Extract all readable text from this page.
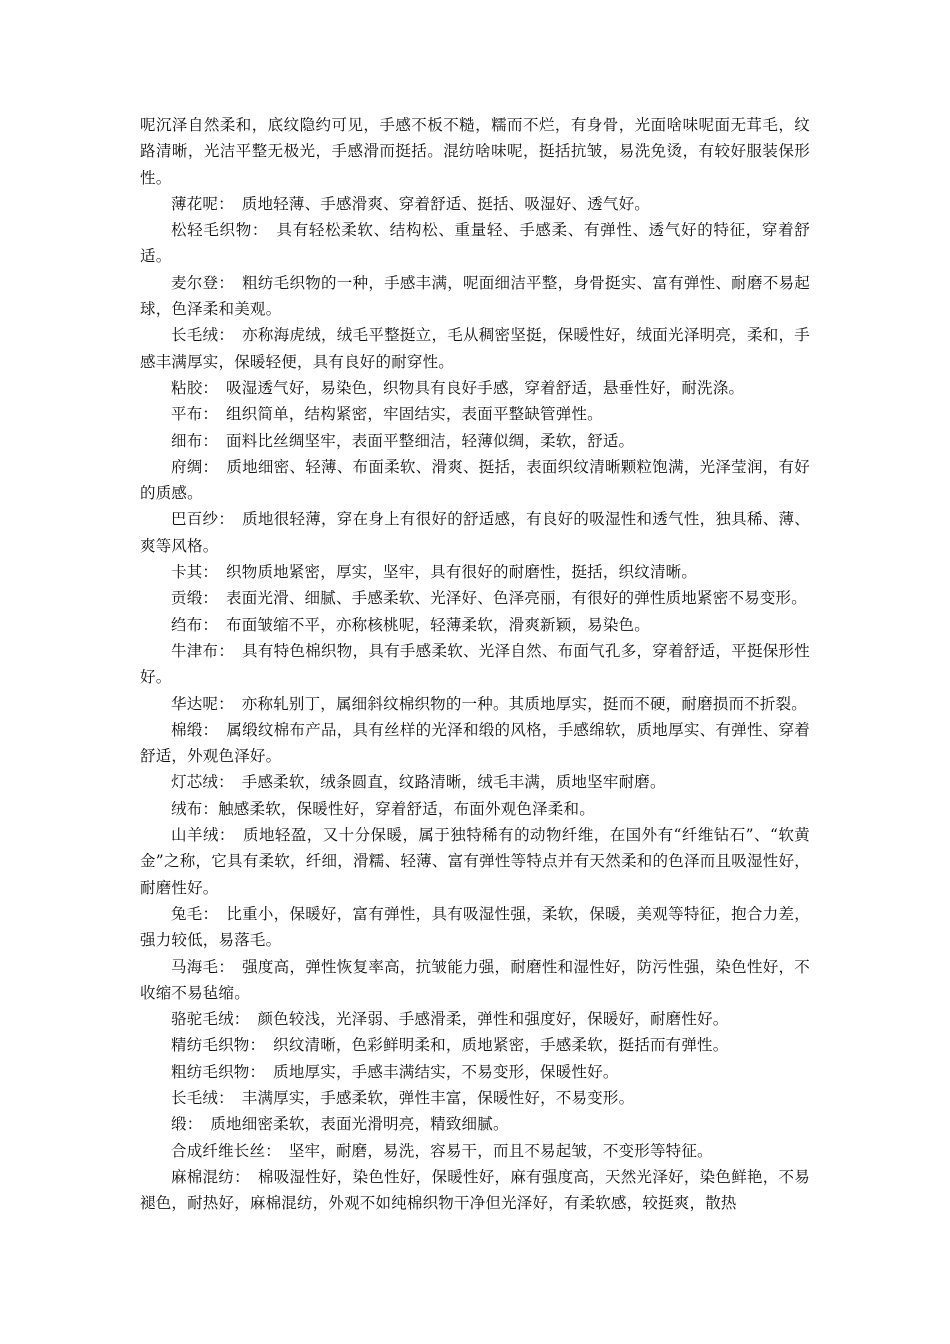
呢沉泽自然柔和，底纹隐约可见，手感不板不糙，糯而不烂，有身骨，光面啥味呢面无茸毛，纹路清晰，光洁平整无极光，手感滑而挺括。混纺啥味呢，挺括抗皱，易洗免烫，有较好服装保形性。

薄花呢：　质地轻薄、手感滑爽、穿着舒适、挺括、吸湿好、透气好。

松轻毛织物：　具有轻松柔软、结构松、重量轻、手感柔、有弹性、透气好的特征，穿着舒适。

麦尔登：　粗纺毛织物的一种，手感丰满，呢面细洁平整，身骨挺实、富有弹性、耐磨不易起球，色泽柔和美观。

长毛绒：　亦称海虎绒，绒毛平整挺立，毛从稠密坚挺，保暖性好，绒面光泽明亮，柔和，手感丰满厚实，保暖轻便，具有良好的耐穿性。

粘胶：　吸湿透气好，易染色，织物具有良好手感，穿着舒适，悬垂性好，耐洗涤。

平布：　组织简单，结构紧密，牢固结实，表面平整缺管弹性。

细布：　面料比丝绸坚牢，表面平整细洁，轻薄似绸，柔软，舒适。

府绸：　质地细密、轻薄、布面柔软、滑爽、挺括，表面织纹清晰颗粒饱满，光泽莹润，有好的质感。

巴百纱：　质地很轻薄，穿在身上有很好的舒适感，有良好的吸湿性和透气性，独具稀、薄、爽等风格。

卡其：　织物质地紧密，厚实，坚牢，具有很好的耐磨性，挺括，织纹清晰。

贡缎：　表面光滑、细腻、手感柔软、光泽好、色泽亮丽，有很好的弹性质地紧密不易变形。

绉布：　布面皱缩不平，亦称核桃呢，轻薄柔软，滑爽新颖，易染色。

牛津布：　具有特色棉织物，具有手感柔软、光泽自然、布面气孔多，穿着舒适，平挺保形性好。

华达呢：　亦称轧别丁，属细斜纹棉织物的一种。其质地厚实，挺而不硬，耐磨损而不折裂。

棉缎：　属缎纹棉布产品，具有丝样的光泽和缎的风格，手感绵软，质地厚实、有弹性、穿着舒适，外观色泽好。

灯芯绒：　手感柔软，绒条圆直，纹路清晰，绒毛丰满，质地坚牢耐磨。

绒布：触感柔软，保暖性好，穿着舒适，布面外观色泽柔和。

山羊绒：　质地轻盈，又十分保暖，属于独特稀有的动物纤维，在国外有“纤维钻石”、“软黄金”之称，它具有柔软，纤细，滑糯、轻薄、富有弹性等特点并有天然柔和的色泽而且吸湿性好，耐磨性好。

兔毛：　比重小，保暖好，富有弹性，具有吸湿性强，柔软，保暖，美观等特征，抱合力差，强力较低，易落毛。

马海毛：　强度高，弹性恢复率高，抗皱能力强，耐磨性和湿性好，防污性强，染色性好，不收缩不易毡缩。

骆驼毛绒：　颜色较浅，光泽弱、手感滑柔，弹性和强度好，保暖好，耐磨性好。

精纺毛织物：　织纹清晰，色彩鲜明柔和，质地紧密，手感柔软，挺括而有弹性。

粗纺毛织物：　质地厚实，手感丰满结实，不易变形，保暖性好。

长毛绒：　丰满厚实，手感柔软，弹性丰富，保暖性好，不易变形。

缎：　质地细密柔软，表面光滑明亮，精致细腻。

合成纤维长丝：　坚牢，耐磨，易洗，容易干，而且不易起皱，不变形等特征。

麻棉混纺：　棉吸湿性好，染色性好，保暖性好，麻有强度高，天然光泽好，染色鲜艳，不易褪色，耐热好，麻棉混纺，外观不如纯棉织物干净但光泽好，有柔软感，较挺爽，散热
